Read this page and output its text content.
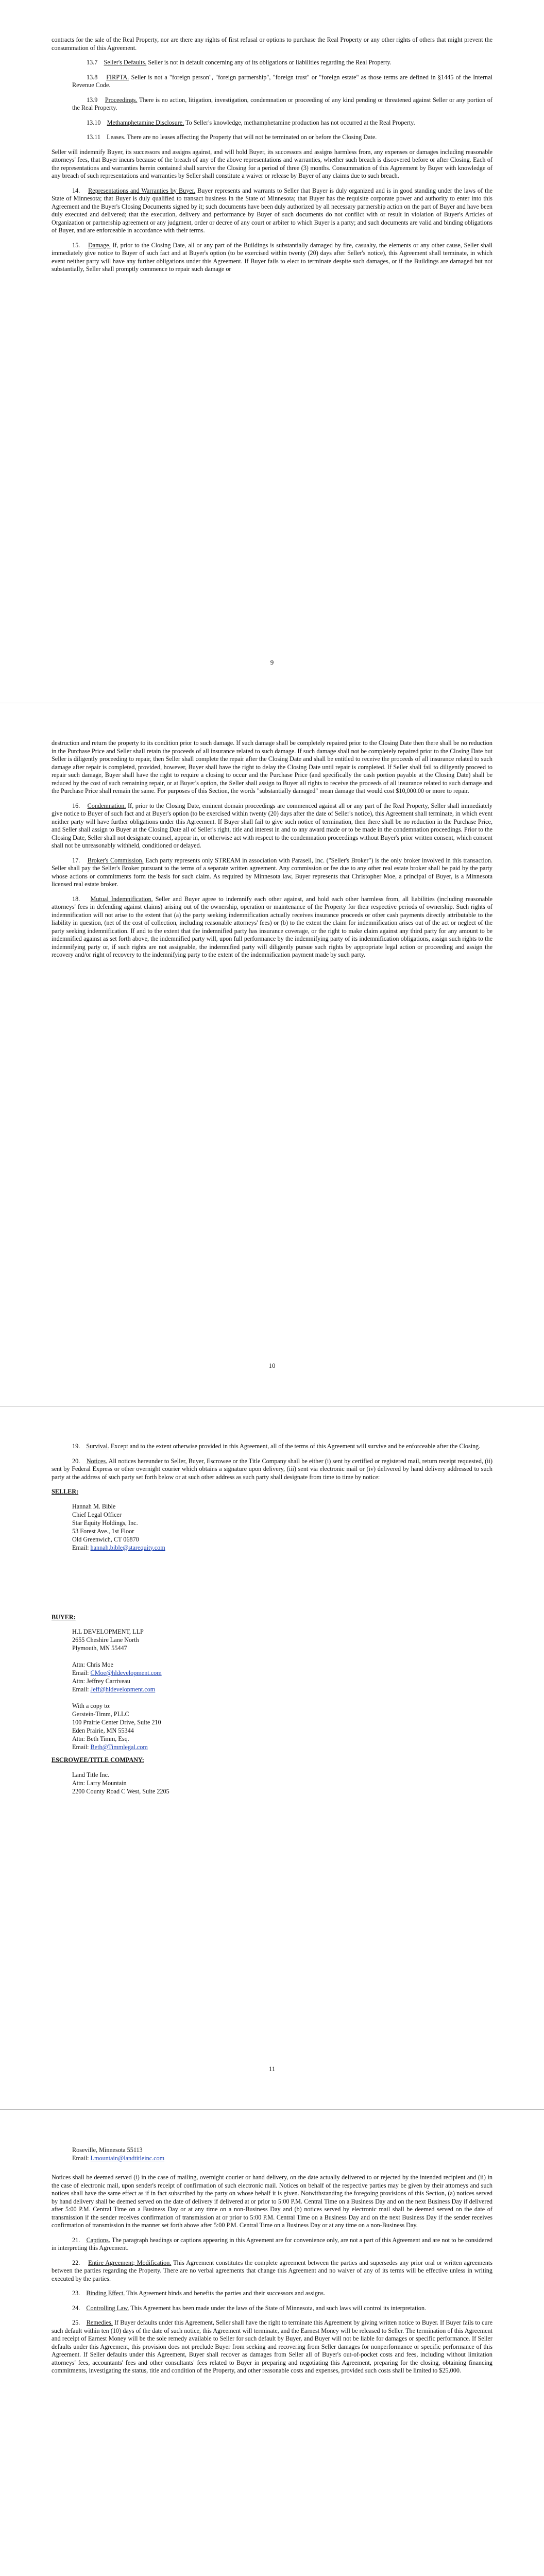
contracts for the sale of the Real Property, nor are there any rights of first refusal or options to purchase the Real Property or any other rights of others that might prevent the consummation of this Agreement.

13.7 Seller's Defaults. Seller is not in default concerning any of its obligations or liabilities regarding the Real Property.

13.8 FIRPTA. Seller is not a "foreign person", "foreign partnership", "foreign trust" or "foreign estate" as those terms are defined in §1445 of the Internal Revenue Code.

13.9 Proceedings. There is no action, litigation, investigation, condemnation or proceeding of any kind pending or threatened against Seller or any portion of the Real Property.

13.10 Methamphetamine Disclosure. To Seller's knowledge, methamphetamine production has not occurred at the Real Property.

13.11 Leases. There are no leases affecting the Property that will not be terminated on or before the Closing Date.

Seller will indemnify Buyer, its successors and assigns against, and will hold Buyer, its successors and assigns harmless from, any expenses or damages including reasonable attorneys' fees, that Buyer incurs because of the breach of any of the above representations and warranties, whether such breach is discovered before or after Closing. Each of the representations and warranties herein contained shall survive the Closing for a period of three (3) months. Consummation of this Agreement by Buyer with knowledge of any breach of such representations and warranties by Seller shall constitute a waiver or release by Buyer of any claims due to such breach.

14. Representations and Warranties by Buyer. Buyer represents and warrants to Seller that Buyer is duly organized and is in good standing under the laws of the State of Minnesota; that Buyer is duly qualified to transact business in the State of Minnesota; that Buyer has the requisite corporate power and authority to enter into this Agreement and the Buyer's Closing Documents signed by it; such documents have been duly authorized by all necessary partnership action on the part of Buyer and have been duly executed and delivered; that the execution, delivery and performance by Buyer of such documents do not conflict with or result in violation of Buyer's Articles of Organization or partnership agreement or any judgment, order or decree of any court or arbiter to which Buyer is a party; and such documents are valid and binding obligations of Buyer, and are enforceable in accordance with their terms.

15. Damage. If, prior to the Closing Date, all or any part of the Buildings is substantially damaged by fire, casualty, the elements or any other cause, Seller shall immediately give notice to Buyer of such fact and at Buyer's option (to be exercised within twenty (20) days after Seller's notice), this Agreement shall terminate, in which event neither party will have any further obligations under this Agreement. If Buyer fails to elect to terminate despite such damages, or if the Buildings are damaged but not substantially, Seller shall promptly commence to repair such damage or

9

destruction and return the property to its condition prior to such damage. If such damage shall be completely repaired prior to the Closing Date then there shall be no reduction in the Purchase Price and Seller shall retain the proceeds of all insurance related to such damage. If such damage shall not be completely repaired prior to the Closing Date but Seller is diligently proceeding to repair, then Seller shall complete the repair after the Closing Date and shall be entitled to receive the proceeds of all insurance related to such damage after repair is completed, provided, however, Buyer shall have the right to delay the Closing Date until repair is completed. If Seller shall fail to diligently proceed to repair such damage, Buyer shall have the right to require a closing to occur and the Purchase Price (and specifically the cash portion payable at the Closing Date) shall be reduced by the cost of such remaining repair, or at Buyer's option, the Seller shall assign to Buyer all rights to receive the proceeds of all insurance related to such damage and the Purchase Price shall remain the same. For purposes of this Section, the words "substantially damaged" mean damage that would cost $10,000.00 or more to repair.

16. Condemnation. If, prior to the Closing Date, eminent domain proceedings are commenced against all or any part of the Real Property, Seller shall immediately give notice to Buyer of such fact and at Buyer's option (to be exercised within twenty (20) days after the date of Seller's notice), this Agreement shall terminate, in which event neither party will have further obligations under this Agreement. If Buyer shall fail to give such notice of termination, then there shall be no reduction in the Purchase Price, and Seller shall assign to Buyer at the Closing Date all of Seller's right, title and interest in and to any award made or to be made in the condemnation proceedings. Prior to the Closing Date, Seller shall not designate counsel, appear in, or otherwise act with respect to the condemnation proceedings without Buyer's prior written consent, which consent shall not be unreasonably withheld, conditioned or delayed.

17. Broker's Commission. Each party represents only STREAM in association with Parasell, Inc. ("Seller's Broker") is the only broker involved in this transaction. Seller shall pay the Seller's Broker pursuant to the terms of a separate written agreement. Any commission or fee due to any other real estate broker shall be paid by the party whose actions or commitments form the basis for such claim. As required by Minnesota law, Buyer represents that Christopher Moe, a principal of Buyer, is a Minnesota licensed real estate broker.

18. Mutual Indemnification. Seller and Buyer agree to indemnify each other against, and hold each other harmless from, all liabilities (including reasonable attorneys' fees in defending against claims) arising out of the ownership, operation or maintenance of the Property for their respective periods of ownership. Such rights of indemnification will not arise to the extent that (a) the party seeking indemnification actually receives insurance proceeds or other cash payments directly attributable to the liability in question, (net of the cost of collection, including reasonable attorneys' fees) or (b) to the extent the claim for indemnification arises out of the act or neglect of the party seeking indemnification. If and to the extent that the indemnified party has insurance coverage, or the right to make claim against any third party for any amount to be indemnified against as set forth above, the indemnified party will, upon full performance by the indemnifying party of its indemnification obligations, assign such rights to the indemnifying party or, if such rights are not assignable, the indemnified party will diligently pursue such rights by appropriate legal action or proceeding and assign the recovery and/or right of recovery to the indemnifying party to the extent of the indemnification payment made by such party.

10

19. Survival. Except and to the extent otherwise provided in this Agreement, all of the terms of this Agreement will survive and be enforceable after the Closing.

20. Notices. All notices hereunder to Seller, Buyer, Escrowee or the Title Company shall be either (i) sent by certified or registered mail, return receipt requested, (ii) sent by Federal Express or other overnight courier which obtains a signature upon delivery, (iii) sent via electronic mail or (iv) delivered by hand delivery addressed to such party at the address of such party set forth below or at such other address as such party shall designate from time to time by notice:

SELLER:
Hannah M. Bible
Chief Legal Officer
Star Equity Holdings, Inc.
53 Forest Ave., 1st Floor
Old Greenwich, CT 06870
Email: hannah.bible@starequity.com
BUYER:
H.L DEVELOPMENT, LLP
2655 Cheshire Lane North
Plymouth, MN 55447
Attn: Chris Moe
Email: CMoe@hldevelopment.com
Attn: Jeffrey Carriveau
Email: Jeff@hldevelopment.com
With a copy to:
Gerstein-Timm, PLLC
100 Prairie Center Drive, Suite 210
Eden Prairie, MN 55344
Attn: Beth Timm, Esq.
Email: Beth@Timmlegal.com
ESCROWEE/TITLE COMPANY:
Land Title Inc.
Attn: Larry Mountain
2200 County Road C West, Suite 2205
11
Roseville, Minnesota 55113
Email: Lmountain@landtitleinc.com

Notices shall be deemed served (i) in the case of mailing, overnight courier or hand delivery, on the date actually delivered to or rejected by the intended recipient and (ii) in the case of electronic mail, upon sender's receipt of confirmation of such electronic mail. Notices on behalf of the respective parties may be given by their attorneys and such notices shall have the same effect as if in fact subscribed by the party on whose behalf it is given. Notwithstanding the foregoing provisions of this Section, (a) notices served by hand delivery shall be deemed served on the date of delivery if delivered at or prior to 5:00 P.M. Central Time on a Business Day and on the next Business Day if delivered after 5:00 P.M. Central Time on a Business Day or at any time on a non-Business Day and (b) notices served by electronic mail shall be deemed served on the date of transmission if the sender receives confirmation of transmission at or prior to 5:00 P.M. Central Time on a Business Day and on the next Business Day if the sender receives confirmation of transmission in the manner set forth above after 5:00 P.M. Central Time on a Business Day or at any time on a non-Business Day.

21. Captions. The paragraph headings or captions appearing in this Agreement are for convenience only, are not a part of this Agreement and are not to be considered in interpreting this Agreement.

22. Entire Agreement; Modification. This Agreement constitutes the complete agreement between the parties and supersedes any prior oral or written agreements between the parties regarding the Property. There are no verbal agreements that change this Agreement and no waiver of any of its terms will be effective unless in writing executed by the parties.

23. Binding Effect. This Agreement binds and benefits the parties and their successors and assigns.

24. Controlling Law. This Agreement has been made under the laws of the State of Minnesota, and such laws will control its interpretation.

25. Remedies. If Buyer defaults under this Agreement, Seller shall have the right to terminate this Agreement by giving written notice to Buyer. If Buyer fails to cure such default within ten (10) days of the date of such notice, this Agreement will terminate, and the Earnest Money will be released to Seller. The termination of this Agreement and receipt of Earnest Money will be the sole remedy available to Seller for such default by Buyer, and Buyer will not be liable for damages or specific performance. If Seller defaults under this Agreement, this provision does not preclude Buyer from seeking and recovering from Seller damages for nonperformance or specific performance of this Agreement. If Seller defaults under this Agreement, Buyer shall recover as damages from Seller all of Buyer's out-of-pocket costs and fees, including without limitation attorneys' fees, accountants' fees and other consultants' fees related to Buyer in preparing and negotiating this Agreement, preparing for the closing, obtaining financing commitments, investigating the status, title and condition of the Property, and other reasonable costs and expenses, provided such costs shall be limited to $25,000.
